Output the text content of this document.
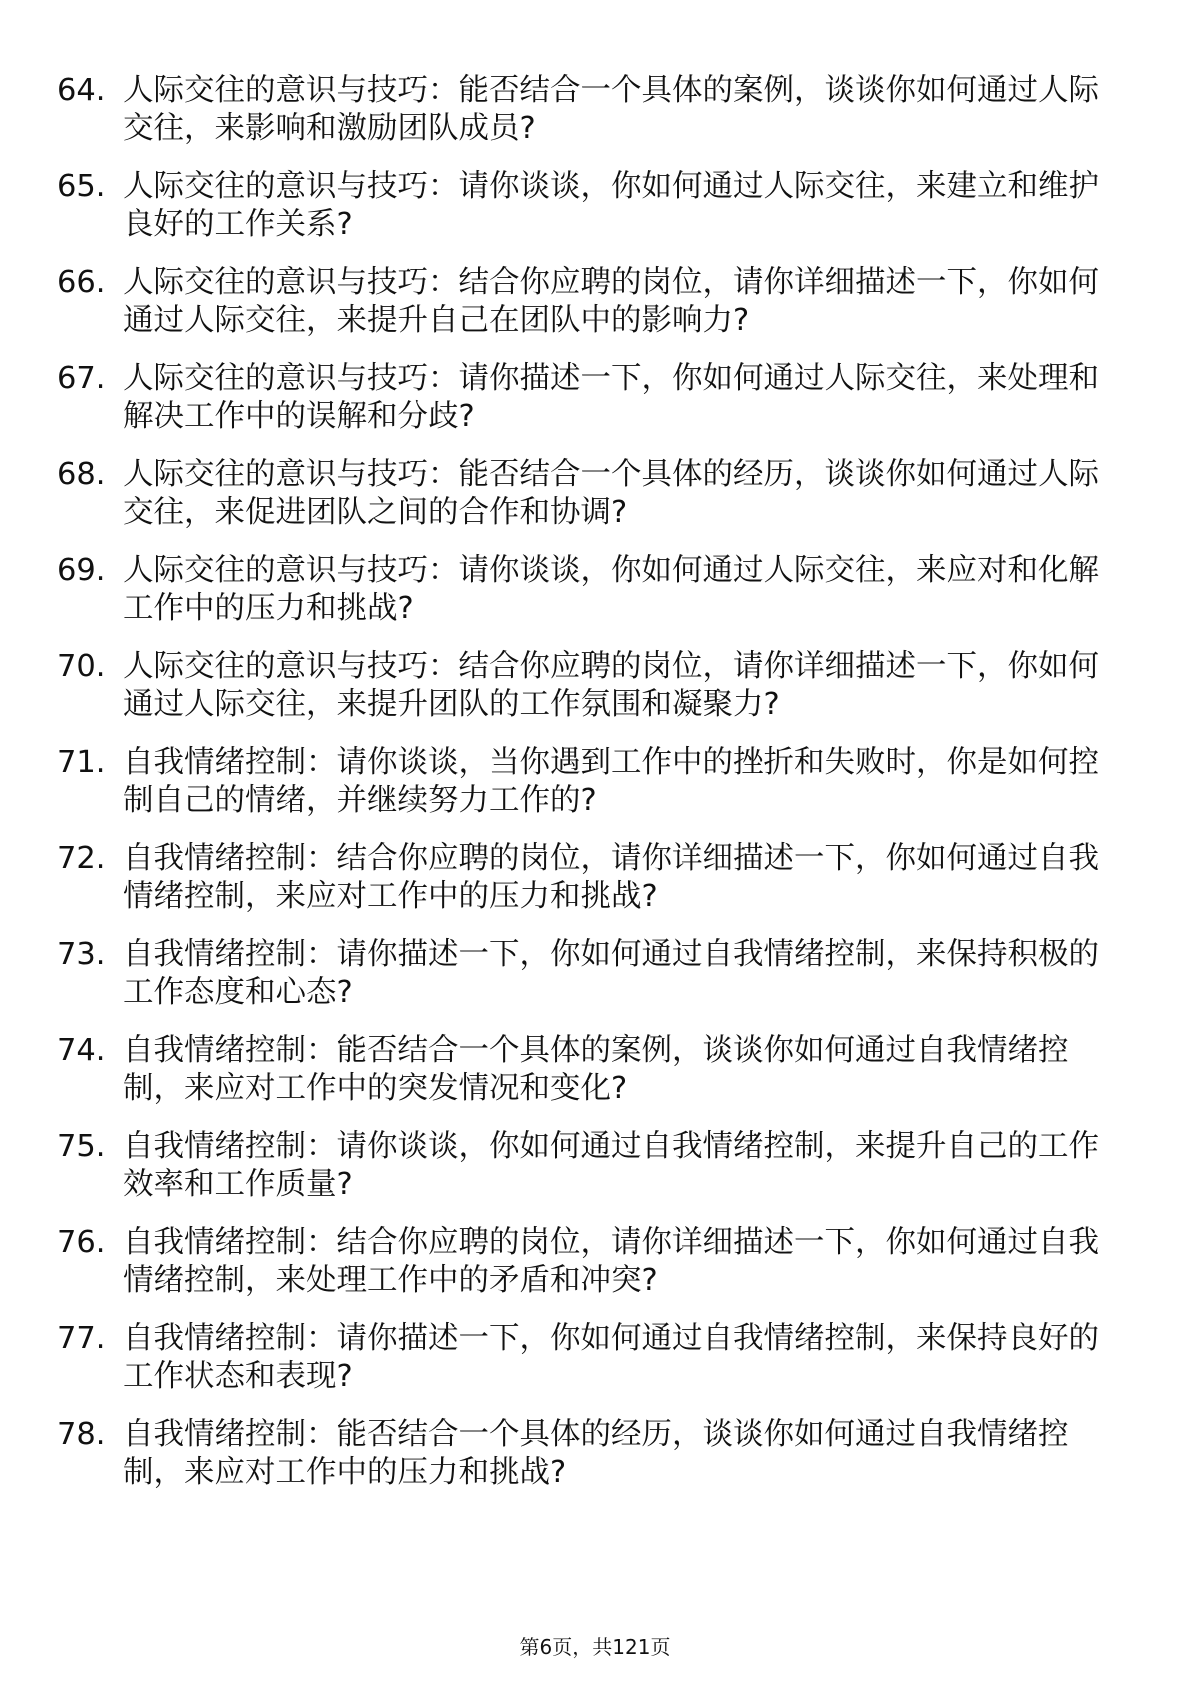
64. 人际交往的意识与技巧：能否结合一个具体的案例，谈谈你如何通过人际交往，来影响和激励团队成员?
65. 人际交往的意识与技巧：请你谈谈，你如何通过人际交往，来建立和维护良好的工作关系?
66. 人际交往的意识与技巧：结合你应聘的岗位，请你详细描述一下，你如何通过人际交往，来提升自己在团队中的影响力?
67. 人际交往的意识与技巧：请你描述一下，你如何通过人际交往，来处理和解决工作中的误解和分歧?
68. 人际交往的意识与技巧：能否结合一个具体的经历，谈谈你如何通过人际交往，来促进团队之间的合作和协调?
69. 人际交往的意识与技巧：请你谈谈，你如何通过人际交往，来应对和化解工作中的压力和挑战?
70. 人际交往的意识与技巧：结合你应聘的岗位，请你详细描述一下，你如何通过人际交往，来提升团队的工作氛围和凝聚力?
71. 自我情绪控制：请你谈谈，当你遇到工作中的挫折和失败时，你是如何控制自己的情绪，并继续努力工作的?
72. 自我情绪控制：结合你应聘的岗位，请你详细描述一下，你如何通过自我情绪控制，来应对工作中的压力和挑战?
73. 自我情绪控制：请你描述一下，你如何通过自我情绪控制，来保持积极的工作态度和心态?
74. 自我情绪控制：能否结合一个具体的案例，谈谈你如何通过自我情绪控制，来应对工作中的突发情况和变化?
75. 自我情绪控制：请你谈谈，你如何通过自我情绪控制，来提升自己的工作效率和工作质量?
76. 自我情绪控制：结合你应聘的岗位，请你详细描述一下，你如何通过自我情绪控制，来处理工作中的矛盾和冲突?
77. 自我情绪控制：请你描述一下，你如何通过自我情绪控制，来保持良好的工作状态和表现?
78. 自我情绪控制：能否结合一个具体的经历，谈谈你如何通过自我情绪控制，来应对工作中的压力和挑战?
第6页，共121页
